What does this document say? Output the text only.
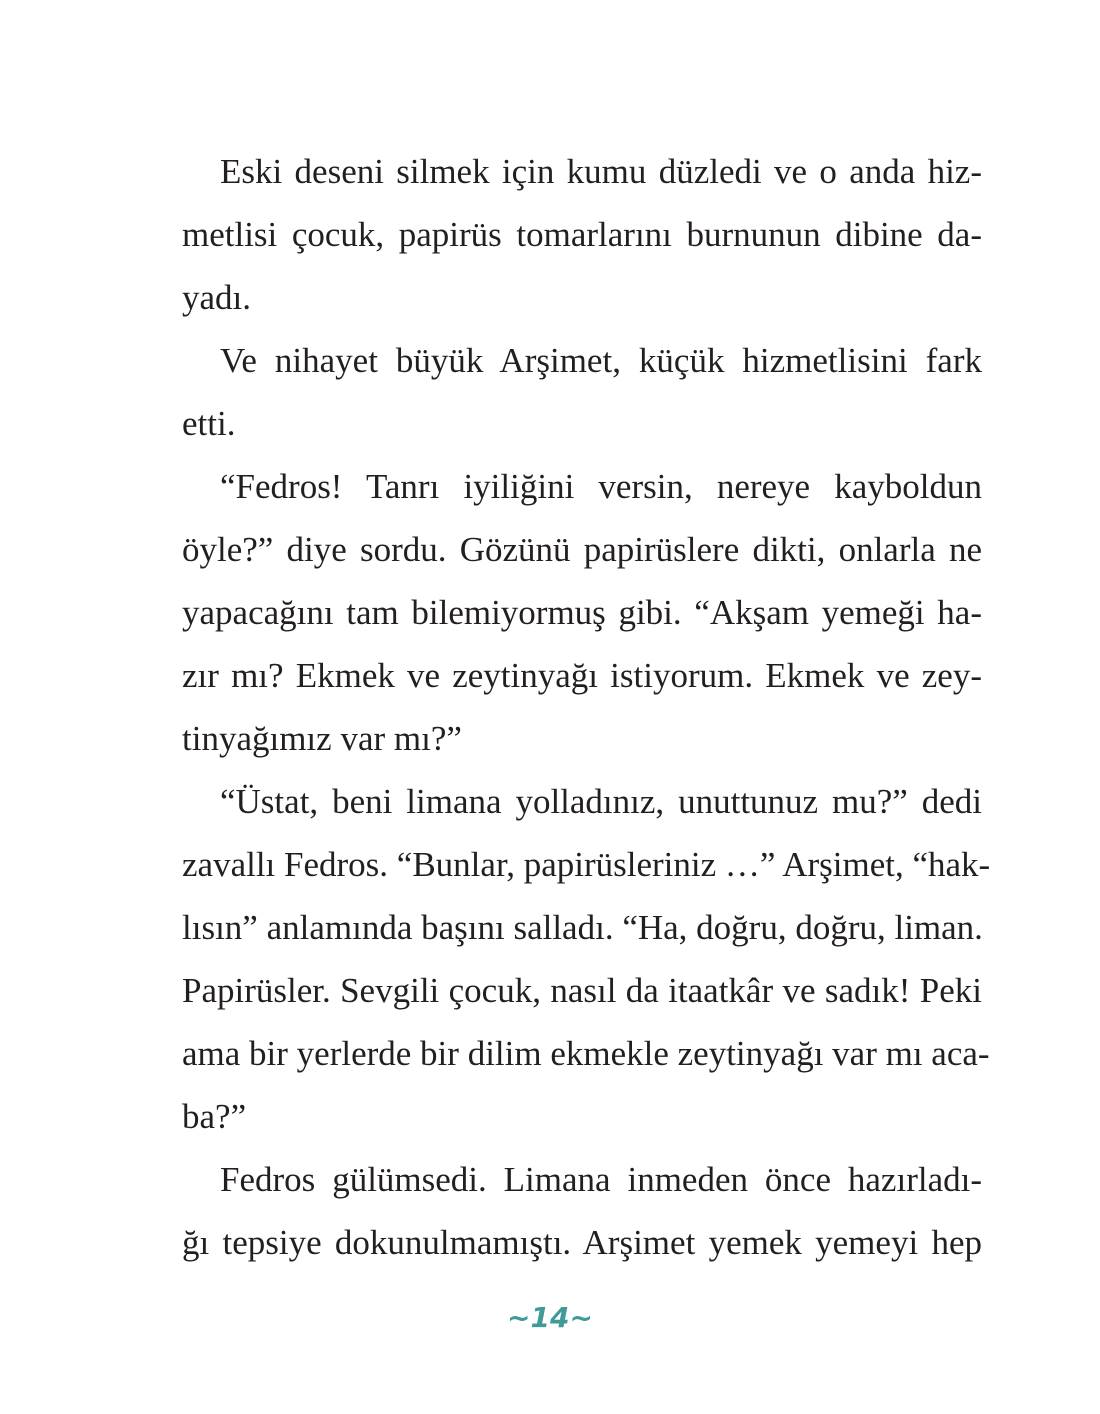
Eski deseni silmek için kumu düzledi ve o anda hiz-
metlisi çocuk, papirüs tomarlarını burnunun dibine da-
yadı.
Ve nihayet büyük Arşimet, küçük hizmetlisini fark
etti.
“Fedros! Tanrı iyiliğini versin, nereye kayboldun
öyle?” diye sordu. Gözünü papirüslere dikti, onlarla ne
yapacağını tam bilemiyormuş gibi. “Akşam yemeği ha-
zır mı? Ekmek ve zeytinyağı istiyorum. Ekmek ve zey-
tinyağımız var mı?”
“Üstat, beni limana yolladınız, unuttunuz mu?” dedi
zavallı Fedros. “Bunlar, papirüsleriniz …” Arşimet, “hak-
lısın” anlamında başını salladı. “Ha, doğru, doğru, liman.
Papirüsler. Sevgili çocuk, nasıl da itaatkâr ve sadık! Peki
ama bir yerlerde bir dilim ekmekle zeytinyağı var mı aca-
ba?”
Fedros gülümsedi. Limana inmeden önce hazırladı-
ğı tepsiye dokunulmamıştı. Arşimet yemek yemeyi hep
~14~
